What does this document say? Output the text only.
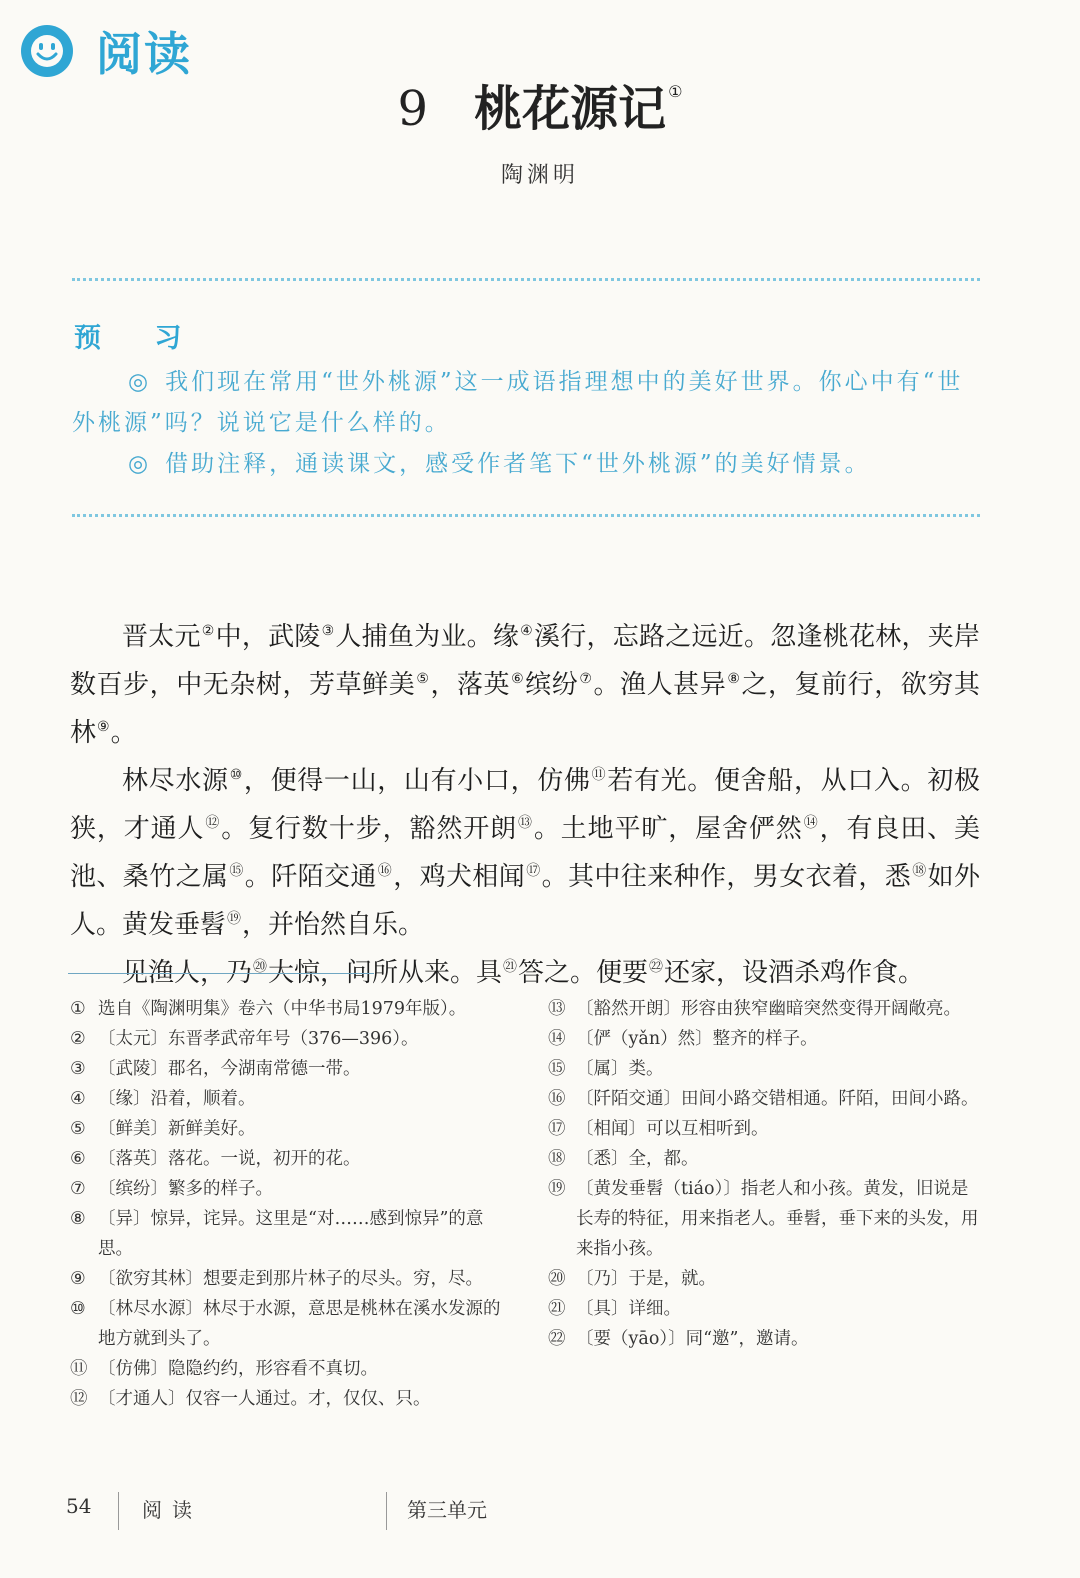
阅读
9 桃花源记 ①
陶渊明
预 习

◎ 我们现在常用“世外桃源”这一成语指理想中的美好世界。你心中有“世外桃源”吗？说说它是什么样的。

◎ 借助注释，通读课文，感受作者笔下“世外桃源”的美好情景。

晋太元②中，武陵③人捕鱼为业。缘④溪行，忘路之远近。忽逢桃花林，夹岸数百步，中无杂树，芳草鲜美⑤，落英⑥缤纷⑦。渔人甚异⑧之，复前行，欲穷其林⑨。

林尽水源⑩，便得一山，山有小口，仿佛⑪若有光。便舍船，从口入。初极狭，才通人⑫。复行数十步，豁然开朗⑬。土地平旷，屋舍俨然⑭，有良田、美池、桑竹之属⑮。阡陌交通⑯，鸡犬相闻⑰。其中往来种作，男女衣着，悉⑱如外人。黄发垂髫⑲，并怡然自乐。

见渔人，乃⑳大惊，问所从来。具$^㉑$答之。便要$^㉒$还家，设酒杀鸡作食。

① 选自《陶渊明集》卷六（中华书局1979年版）。
② 〔太元〕东晋孝武帝年号（376—396）。
③ 〔武陵〕郡名，今湖南常德一带。
④ 〔缘〕沿着，顺着。
⑤ 〔鲜美〕新鲜美好。
⑥ 〔落英〕落花。一说，初开的花。
⑦ 〔缤纷〕繁多的样子。
⑧ 〔异〕惊异，诧异。这里是“对……感到惊异”的意思。
⑨ 〔欲穷其林〕想要走到那片林子的尽头。穷，尽。
⑩ 〔林尽水源〕林尽于水源，意思是桃林在溪水发源的地方就到头了。
⑪ 〔仿佛〕隐隐约约，形容看不真切。
⑫ 〔才通人〕仅容一人通过。才，仅仅、只。
⑬ 〔豁然开朗〕形容由狭窄幽暗突然变得开阔敞亮。
⑭ 〔俨（yǎn）然〕整齐的样子。
⑮ 〔属〕类。
⑯ 〔阡陌交通〕田间小路交错相通。阡陌，田间小路。
⑰ 〔相闻〕可以互相听到。
⑱ 〔悉〕全，都。
⑲ 〔黄发垂髫（tiáo）〕指老人和小孩。黄发，旧说是长寿的特征，用来指老人。垂髫，垂下来的头发，用来指小孩。
⑳ 〔乃〕于是，就。
㉑ 〔具〕详细。
㉒ 〔要（yāo）〕同“邀”，邀请。
54	阅读	第三单元
